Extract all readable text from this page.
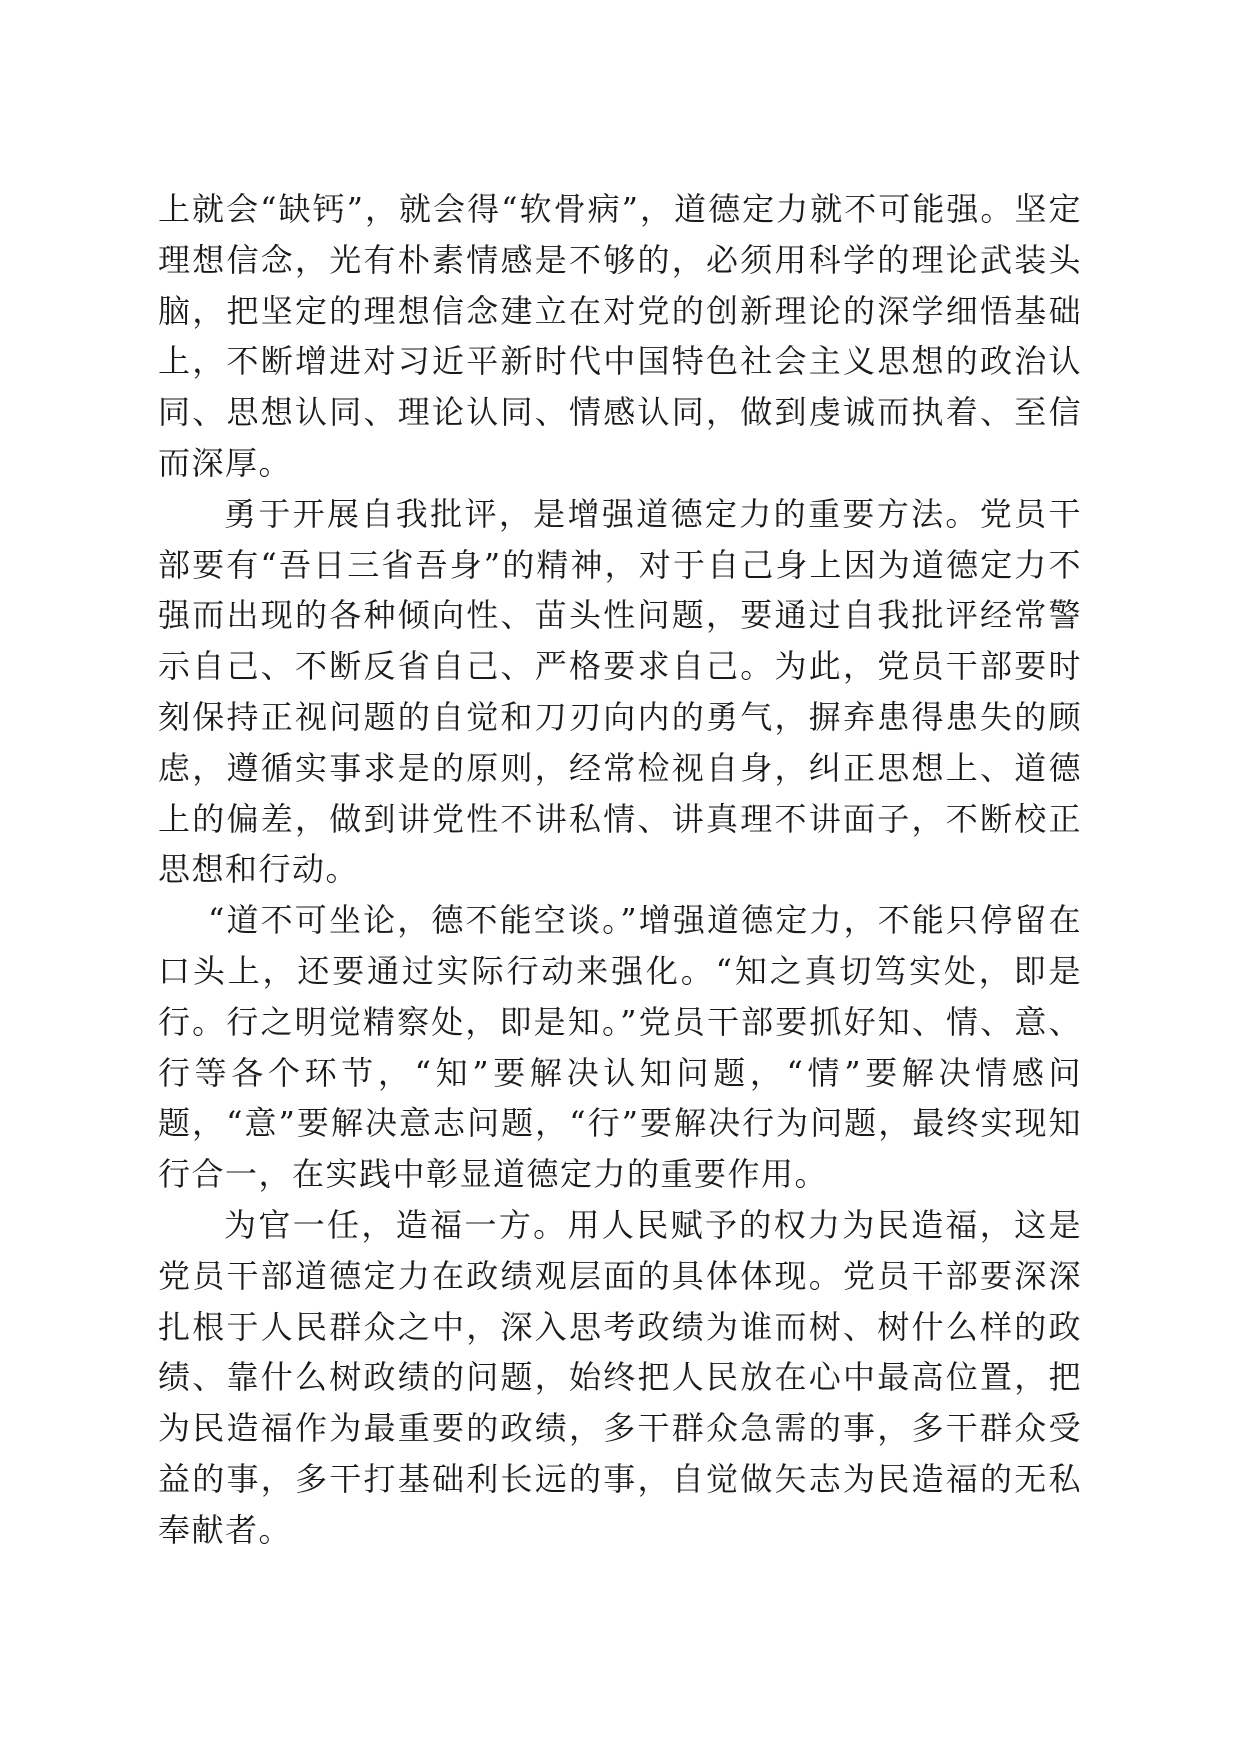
上就会“缺钙”，就会得“软骨病”，道德定力就不可能强。坚定理想信念，光有朴素情感是不够的，必须用科学的理论武装头脑，把坚定的理想信念建立在对党的创新理论的深学细悟基础上，不断增进对习近平新时代中国特色社会主义思想的政治认同、思想认同、理论认同、情感认同，做到虔诚而执着、至信而深厚。

勇于开展自我批评，是增强道德定力的重要方法。党员干部要有“吾日三省吾身”的精神，对于自己身上因为道德定力不强而出现的各种倾向性、苗头性问题，要通过自我批评经常警示自己、不断反省自己、严格要求自己。为此，党员干部要时刻保持正视问题的自觉和刀刃向内的勇气，摒弃患得患失的顾虑，遵循实事求是的原则，经常检视自身，纠正思想上、道德上的偏差，做到讲党性不讲私情、讲真理不讲面子，不断校正思想和行动。

“道不可坐论，德不能空谈。”增强道德定力，不能只停留在口头上，还要通过实际行动来强化。“知之真切笃实处，即是行。行之明觉精察处，即是知。”党员干部要抓好知、情、意、行等各个环节，“知”要解决认知问题，“情”要解决情感问题，“意”要解决意志问题，“行”要解决行为问题，最终实现知行合一，在实践中彰显道德定力的重要作用。

为官一任，造福一方。用人民赋予的权力为民造福，这是党员干部道德定力在政绩观层面的具体体现。党员干部要深深扎根于人民群众之中，深入思考政绩为谁而树、树什么样的政绩、靠什么树政绩的问题，始终把人民放在心中最高位置，把为民造福作为最重要的政绩，多干群众急需的事，多干群众受益的事，多干打基础利长远的事，自觉做矢志为民造福的无私奉献者。
